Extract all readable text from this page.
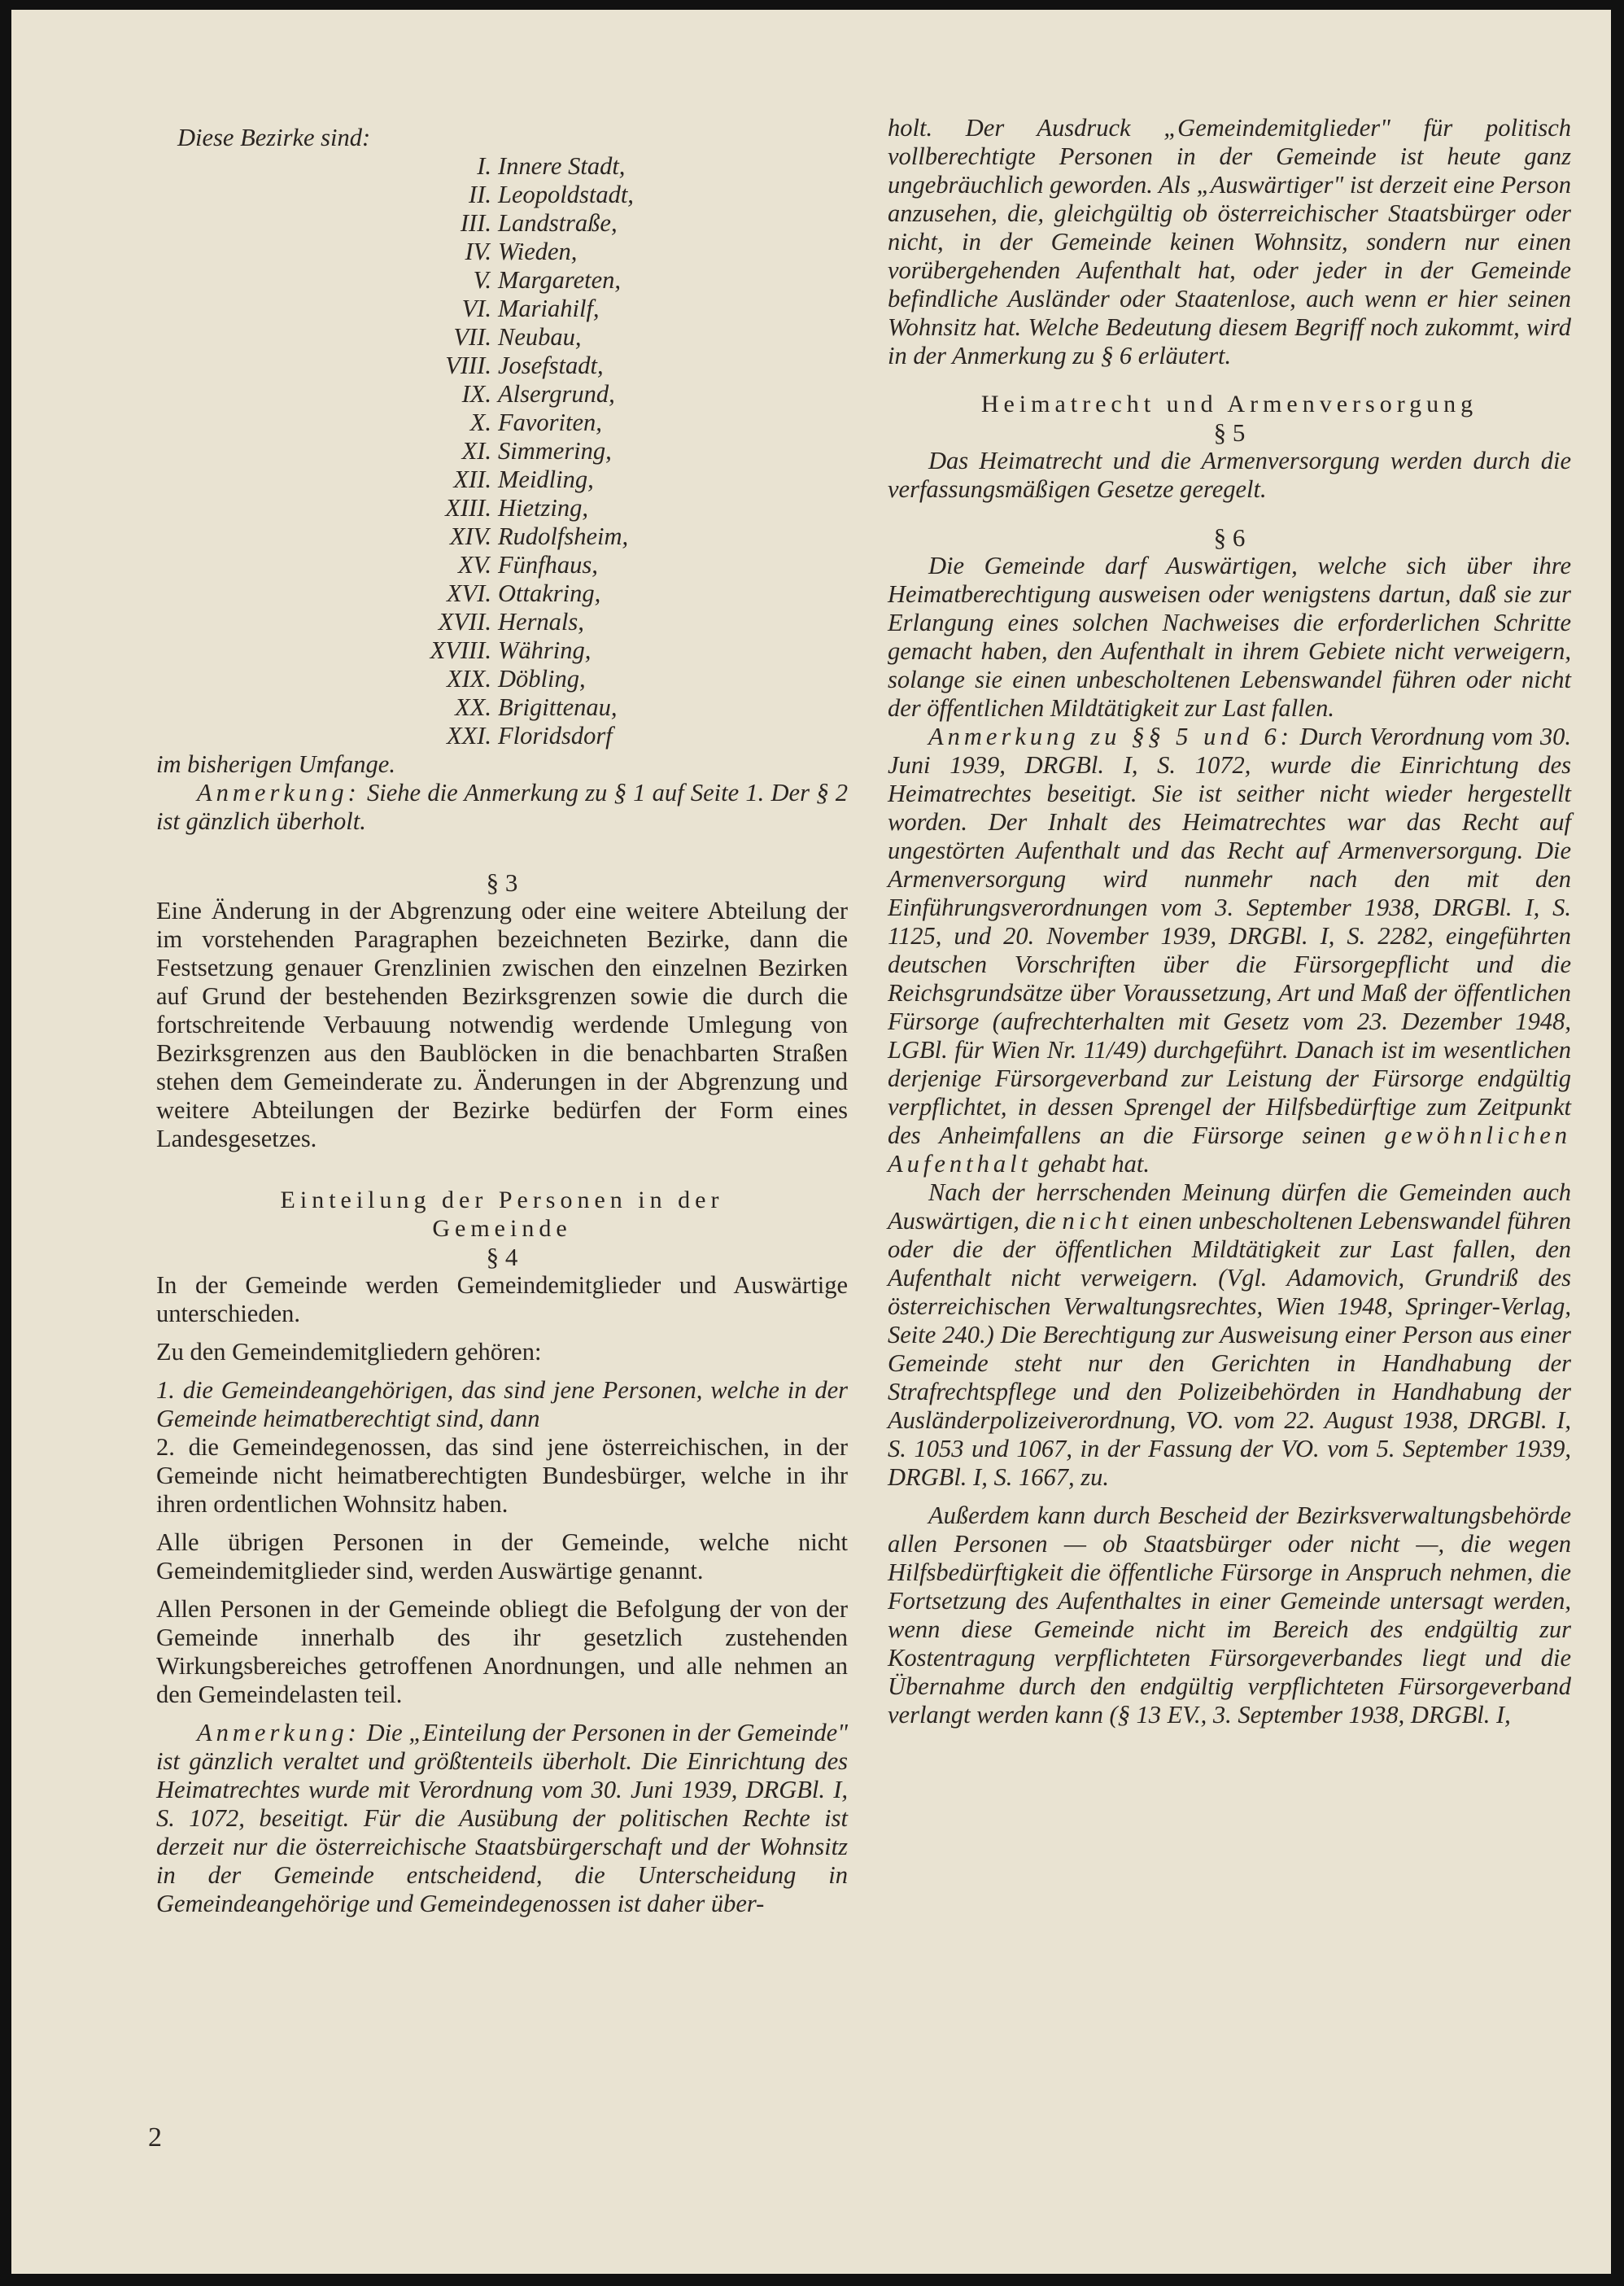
Diese Bezirke sind:

I. Innere Stadt,
II. Leopoldstadt,
III. Landstraße,
IV. Wieden,
V. Margareten,
VI. Mariahilf,
VII. Neubau,
VIII. Josefstadt,
IX. Alsergrund,
X. Favoriten,
XI. Simmering,
XII. Meidling,
XIII. Hietzing,
XIV. Rudolfsheim,
XV. Fünfhaus,
XVI. Ottakring,
XVII. Hernals,
XVIII. Währing,
XIX. Döbling,
XX. Brigittenau,
XXI. Floridsdorf

im bisherigen Umfange.

Anmerkung: Siehe die Anmerkung zu § 1 auf Seite 1. Der § 2 ist gänzlich überholt.

§ 3

Eine Änderung in der Abgrenzung oder eine weitere Abteilung der im vorstehenden Paragraphen bezeichneten Bezirke, dann die Festsetzung genauer Grenzlinien zwischen den einzelnen Bezirken auf Grund der bestehenden Bezirksgrenzen sowie die durch die fortschreitende Verbauung notwendig werdende Umlegung von Bezirksgrenzen aus den Baublöcken in die benachbarten Straßen stehen dem Gemeinderate zu. Änderungen in der Abgrenzung und weitere Abteilungen der Bezirke bedürfen der Form eines Landesgesetzes.

Einteilung der Personen in der
Gemeinde

§ 4

In der Gemeinde werden Gemeindemitglieder und Auswärtige unterschieden.

Zu den Gemeindemitgliedern gehören:

1. die Gemeindeangehörigen, das sind jene Personen, welche in der Gemeinde heimatberechtigt sind, dann

2. die Gemeindegenossen, das sind jene österreichischen, in der Gemeinde nicht heimatberechtigten Bundesbürger, welche in ihr ihren ordentlichen Wohnsitz haben.

Alle übrigen Personen in der Gemeinde, welche nicht Gemeindemitglieder sind, werden Auswärtige genannt.

Allen Personen in der Gemeinde obliegt die Befolgung der von der Gemeinde innerhalb des ihr gesetzlich zustehenden Wirkungsbereiches getroffenen Anordnungen, und alle nehmen an den Gemeindelasten teil.

Anmerkung: Die „Einteilung der Personen in der Gemeinde" ist gänzlich veraltet und größtenteils überholt. Die Einrichtung des Heimatrechtes wurde mit Verordnung vom 30. Juni 1939, DRGBl. I, S. 1072, beseitigt. Für die Ausübung der politischen Rechte ist derzeit nur die österreichische Staatsbürgerschaft und der Wohnsitz in der Gemeinde entscheidend, die Unterscheidung in Gemeindeangehörige und Gemeindegenossen ist daher über-

holt. Der Ausdruck „Gemeindemitglieder" für politisch vollberechtigte Personen in der Gemeinde ist heute ganz ungebräuchlich geworden. Als „Auswärtiger" ist derzeit eine Person anzusehen, die, gleichgültig ob österreichischer Staatsbürger oder nicht, in der Gemeinde keinen Wohnsitz, sondern nur einen vorübergehenden Aufenthalt hat, oder jeder in der Gemeinde befindliche Ausländer oder Staatenlose, auch wenn er hier seinen Wohnsitz hat. Welche Bedeutung diesem Begriff noch zukommt, wird in der Anmerkung zu § 6 erläutert.

Heimatrecht und Armenversorgung

§ 5

Das Heimatrecht und die Armenversorgung werden durch die verfassungsmäßigen Gesetze geregelt.

§ 6

Die Gemeinde darf Auswärtigen, welche sich über ihre Heimatberechtigung ausweisen oder wenigstens dartun, daß sie zur Erlangung eines solchen Nachweises die erforderlichen Schritte gemacht haben, den Aufenthalt in ihrem Gebiete nicht verweigern, solange sie einen unbescholtenen Lebenswandel führen oder nicht der öffentlichen Mildtätigkeit zur Last fallen.

Anmerkung zu §§ 5 und 6: Durch Verordnung vom 30. Juni 1939, DRGBl. I, S. 1072, wurde die Einrichtung des Heimatrechtes beseitigt. Sie ist seither nicht wieder hergestellt worden. Der Inhalt des Heimatrechtes war das Recht auf ungestörten Aufenthalt und das Recht auf Armenversorgung. Die Armenversorgung wird nunmehr nach den mit den Einführungsverordnungen vom 3. September 1938, DRGBl. I, S. 1125, und 20. November 1939, DRGBl. I, S. 2282, eingeführten deutschen Vorschriften über die Fürsorgepflicht und die Reichsgrundsätze über Voraussetzung, Art und Maß der öffentlichen Fürsorge (aufrechterhalten mit Gesetz vom 23. Dezember 1948, LGBl. für Wien Nr. 11/49) durchgeführt. Danach ist im wesentlichen derjenige Fürsorgeverband zur Leistung der Fürsorge endgültig verpflichtet, in dessen Sprengel der Hilfsbedürftige zum Zeitpunkt des Anheimfallens an die Fürsorge seinen gewöhnlichen Aufenthalt gehabt hat.

Nach der herrschenden Meinung dürfen die Gemeinden auch Auswärtigen, die nicht einen unbescholtenen Lebenswandel führen oder die der öffentlichen Mildtätigkeit zur Last fallen, den Aufenthalt nicht verweigern. (Vgl. Adamovich, Grundriß des österreichischen Verwaltungsrechtes, Wien 1948, Springer-Verlag, Seite 240.) Die Berechtigung zur Ausweisung einer Person aus einer Gemeinde steht nur den Gerichten in Handhabung der Strafrechtspflege und den Polizeibehörden in Handhabung der Ausländerpolizeiverordnung, VO. vom 22. August 1938, DRGBl. I, S. 1053 und 1067, in der Fassung der VO. vom 5. September 1939, DRGBl. I, S. 1667, zu.

Außerdem kann durch Bescheid der Bezirksverwaltungsbehörde allen Personen — ob Staatsbürger oder nicht —, die wegen Hilfsbedürftigkeit die öffentliche Fürsorge in Anspruch nehmen, die Fortsetzung des Aufenthaltes in einer Gemeinde untersagt werden, wenn diese Gemeinde nicht im Bereich des endgültig zur Kostentragung verpflichteten Fürsorgeverbandes liegt und die Übernahme durch den endgültig verpflichteten Fürsorgeverband verlangt werden kann (§ 13 EV., 3. September 1938, DRGBl. I,

2
